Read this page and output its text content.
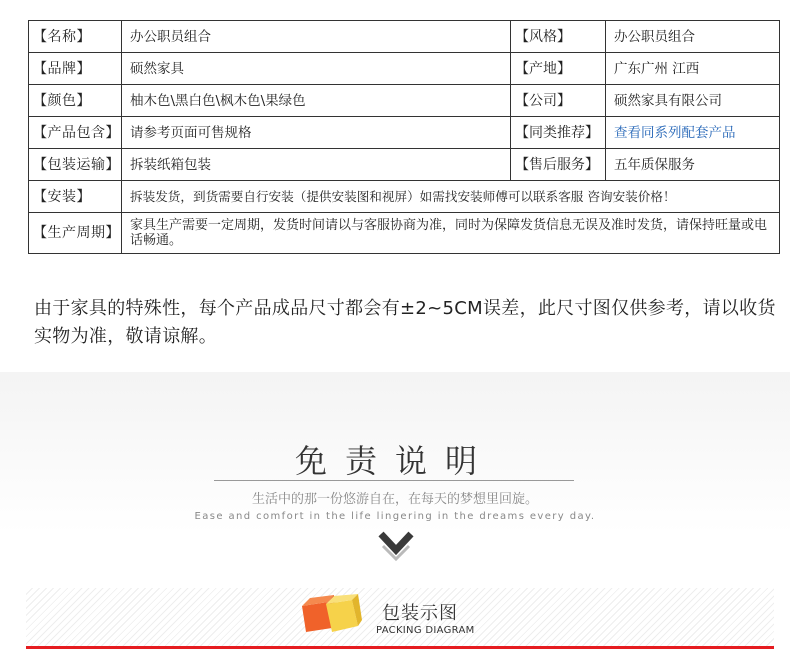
【名称】	办公职员组合	【风格】	办公职员组合
【品牌】	硕然家具	【产地】	广东广州 江西
【颜色】	柚木色\黑白色\枫木色\果绿色	【公司】	硕然家具有限公司
【产品包含】	请参考页面可售规格	【同类推荐】	查看同系列配套产品
【包装运输】	拆装纸箱包装	【售后服务】	五年质保服务
【安装】	拆装发货，到货需要自行安装（提供安装图和视屏）如需找安装师傅可以联系客服 咨询安装价格！		
【生产周期】	家具生产需要一定周期，发货时间请以与客服协商为准，同时为保障发货信息无误及准时发货，请保持旺量或电话畅通。		
由于家具的特殊性，每个产品成品尺寸都会有±2~5CM误差，此尺寸图仅供参考，请以收货实物为准，敬请谅解。
免责说明
生活中的那一份悠游自在，在每天的梦想里回旋。
Ease and comfort in the life lingering in the dreams every day.
包装示图
PACKING DIAGRAM
